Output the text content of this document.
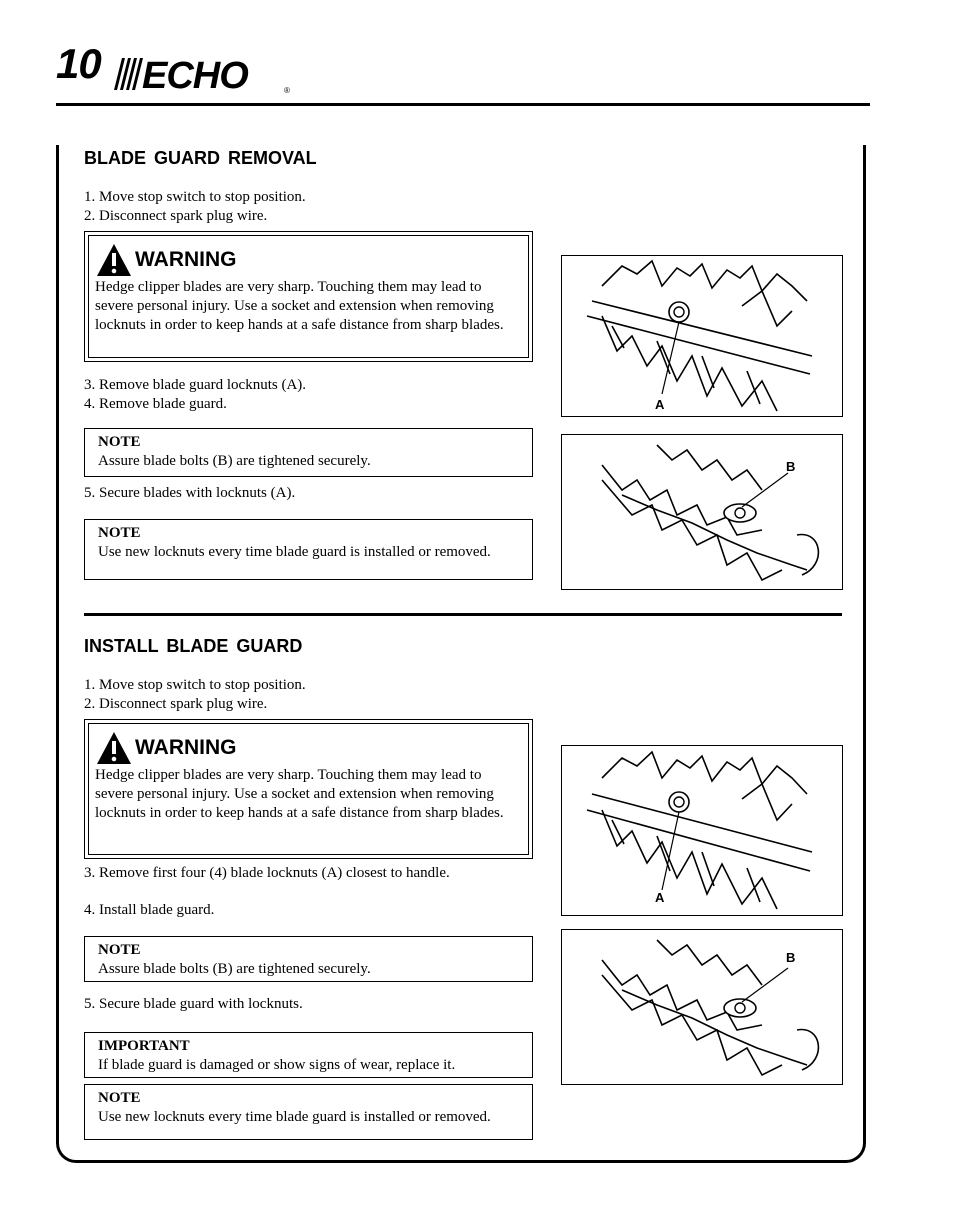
10 ECHO	®
BLADE GUARD REMOVAL
1. Move stop switch to stop position.
2. Disconnect spark plug wire.
WARNING
Hedge clipper blades are very sharp. Touching them may lead to severe personal injury. Use a socket and extension when removing locknuts in order to keep hands at a safe distance from sharp blades.
3. Remove blade guard locknuts (A).
4. Remove blade guard.
NOTE
Assure blade bolts (B) are tightened securely.
5. Secure blades with locknuts (A).
NOTE
Use new locknuts every time blade guard is installed or removed.
A
B
INSTALL BLADE GUARD
1. Move stop switch to stop position.
2. Disconnect spark plug wire.
WARNING
Hedge clipper blades are very sharp. Touching them may lead to severe personal injury. Use a socket and extension when removing locknuts in order to keep hands at a safe distance from sharp blades.
3. Remove first four (4) blade locknuts (A) closest to handle.
4. Install blade guard.
NOTE
Assure blade bolts (B) are tightened securely.
5. Secure blade guard with locknuts.
IMPORTANT
If blade guard is damaged or show signs of wear, replace it.
NOTE
Use new locknuts every time blade guard is installed or removed.
A
B
